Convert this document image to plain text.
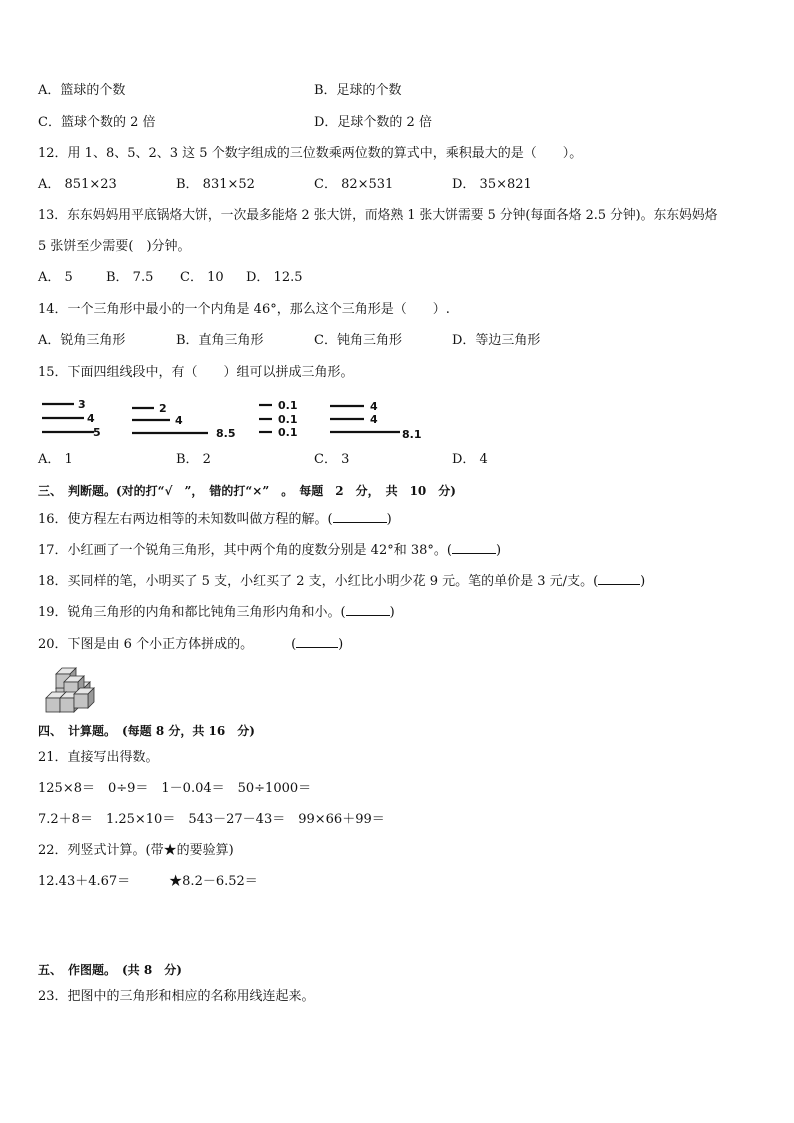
A．篮球的个数	B．足球的个数
C．篮球个数的 2 倍	D．足球个数的 2 倍
12．用 1、8、5、2、3 这 5 个数字组成的三位数乘两位数的算式中，乘积最大的是（　　）。
A． 851×23	B． 831×52	C． 82×531	D． 35×821
13．东东妈妈用平底锅烙大饼，一次最多能烙 2 张大饼，而烙熟 1 张大饼需要 5 分钟(每面各烙 2.5 分钟)。东东妈妈烙
5 张饼至少需要(　)分钟。
A． 5	B． 7.5 C． 10 D． 12.5
14．一个三角形中最小的一个内角是 46°，那么这个三角形是（　　）.
A．锐角三角形	B．直角三角形	C．钝角三角形	D．等边三角形
15．下面四组线段中，有（　　）组可以拼成三角形。
3
4
5
2
4
8.5
0.1
0.1
0.1
4
4
8.1
A． 1	B． 2	C． 3	D． 4
三、　判断题。(对的打“√　”，　错的打“×”　。　每题　2　分，　共　10　分)
16．使方程左右两边相等的未知数叫做方程的解。(	)
17．小红画了一个锐角三角形，其中两个角的度数分别是 42°和 38°。(	)
18．买同样的笔，小明买了 5 支，小红买了 2 支，小红比小明少花 9 元。笔的单价是 3 元/支。(	)
19．锐角三角形的内角和都比钝角三角形内角和小。(	)
20．下图是由 6 个小正方体拼成的。	(	)
四、　计算题。　(每题 8 分，共 16　分)
21．直接写出得数。
125×8＝　0÷9＝　1－0.04＝　50÷1000＝
7.2＋8＝　1.25×10＝　543－27－43＝　99×66＋99＝
22．列竖式计算。(带★的要验算)
12.43＋4.67＝　　　★8.2－6.52＝
五、　作图题。　(共 8　分)
23．把图中的三角形和相应的名称用线连起来。
